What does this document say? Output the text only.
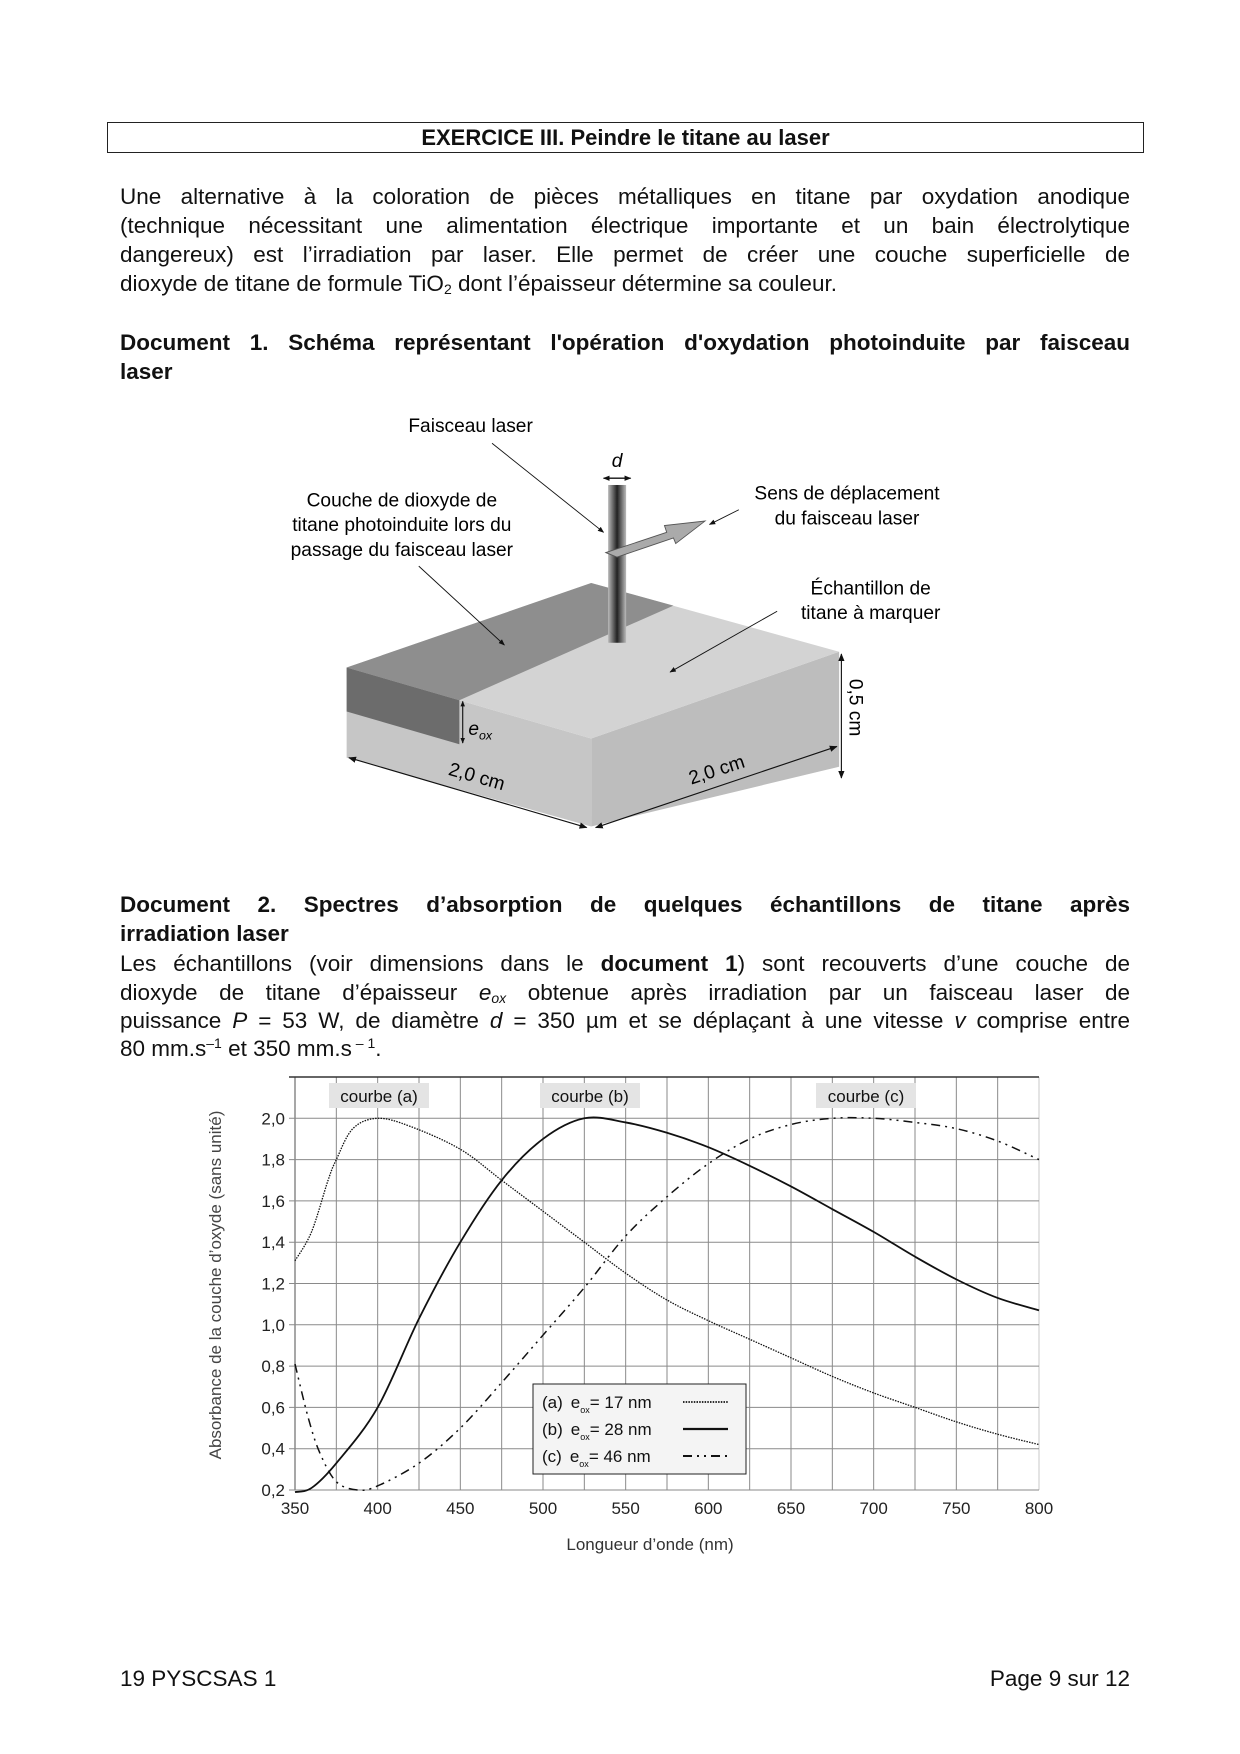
EXERCICE III. Peindre le titane au laser
Une alternative à la coloration de pièces métalliques en titane par oxydation anodique
(technique nécessitant une alimentation électrique importante et un bain électrolytique
dangereux) est l’irradiation par laser. Elle permet de créer une couche superficielle de
dioxyde de titane de formule TiO$_2$ dont l’épaisseur détermine sa couleur.
Document 1. Schéma représentant l'opération d'oxydation photoinduite par faisceau
laser
d
Faisceau laser
Couche de dioxyde de
titane photoinduite lors du
passage du faisceau laser
Sens de déplacement
du faisceau laser
Échantillon de
titane à marquer
0,5 cm
$e_{ox}$
2,0 cm	2,0 cm
Document 2. Spectres d’absorption de quelques échantillons de titane après
irradiation laser
Les échantillons (voir dimensions dans le document 1) sont recouverts d’une couche de
dioxyde de titane d’épaisseur $e_{ox}$ obtenue après irradiation par un faisceau laser de
puissance P = 53 W, de diamètre d = 350 µm et se déplaçant à une vitesse v comprise entre
80 $mm.s^{-1}$ et 350 mm.s $^{- 1}$.
350	400	450	500	550	600	650	700	750	800
0,2
0,4
0,6
0,8
1,0
1,2
1,4
1,6
1,8
2,0
courbe (a)	courbe (b)	courbe (c)
(a) $e_{ox}= 17$ nm
(b) $e_{ox}= 28$ nm
(c) $e_{ox}= 46$ nm
Longueur d’onde (nm)
Absorbance de la couche d’oxyde (sans unité)
19 PYSCSAS 1	Page 9 sur 12
